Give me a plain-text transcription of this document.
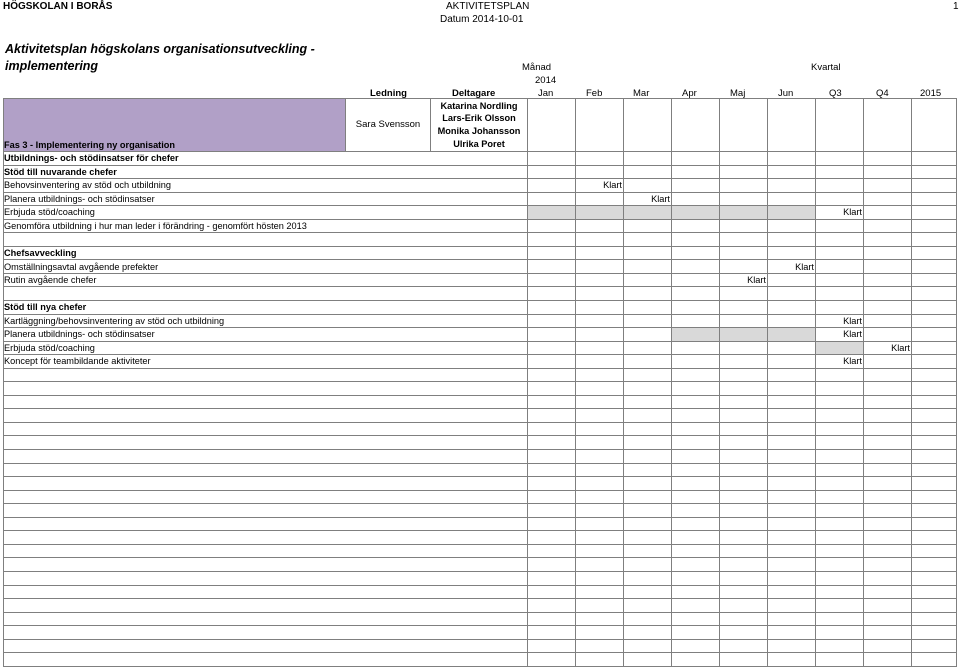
HÖGSKOLAN I BORÅS	AKTIVITETSPLAN
Datum 2014-10-01
1
Aktivitetsplan högskolans organisationsutveckling -
implementering	Månad	Kvartal
2014
Ledning	Deltagare	Jan	Feb	Mar	Apr	Maj	Jun	Q3	Q4	2015
Fas 3 - Implementering ny organisation	Sara Svensson	Katarina Nordling									
		Lars-Erik Olsson									
		Monika Johansson									
		Ulrika Poret									
Utbildnings- och stödinsatser för chefer											
Stöd till nuvarande chefer											
Behovsinventering av stöd och utbildning				Klart							
Planera utbildnings- och stödinsatser					Klart						
Erbjuda stöd/coaching									Klart		
Genomföra utbildning i hur man leder i förändring - genomfört hösten 2013											

Chefsavveckling											
Omställningsavtal avgående prefekter								Klart			
Rutin avgående chefer							Klart				

Stöd till nya chefer											
Kartläggning/behovsinventering av stöd och utbildning									Klart		
Planera utbildnings- och stödinsatser									Klart		
Erbjuda stöd/coaching										Klart	
Koncept för teambildande aktiviteter									Klart		
